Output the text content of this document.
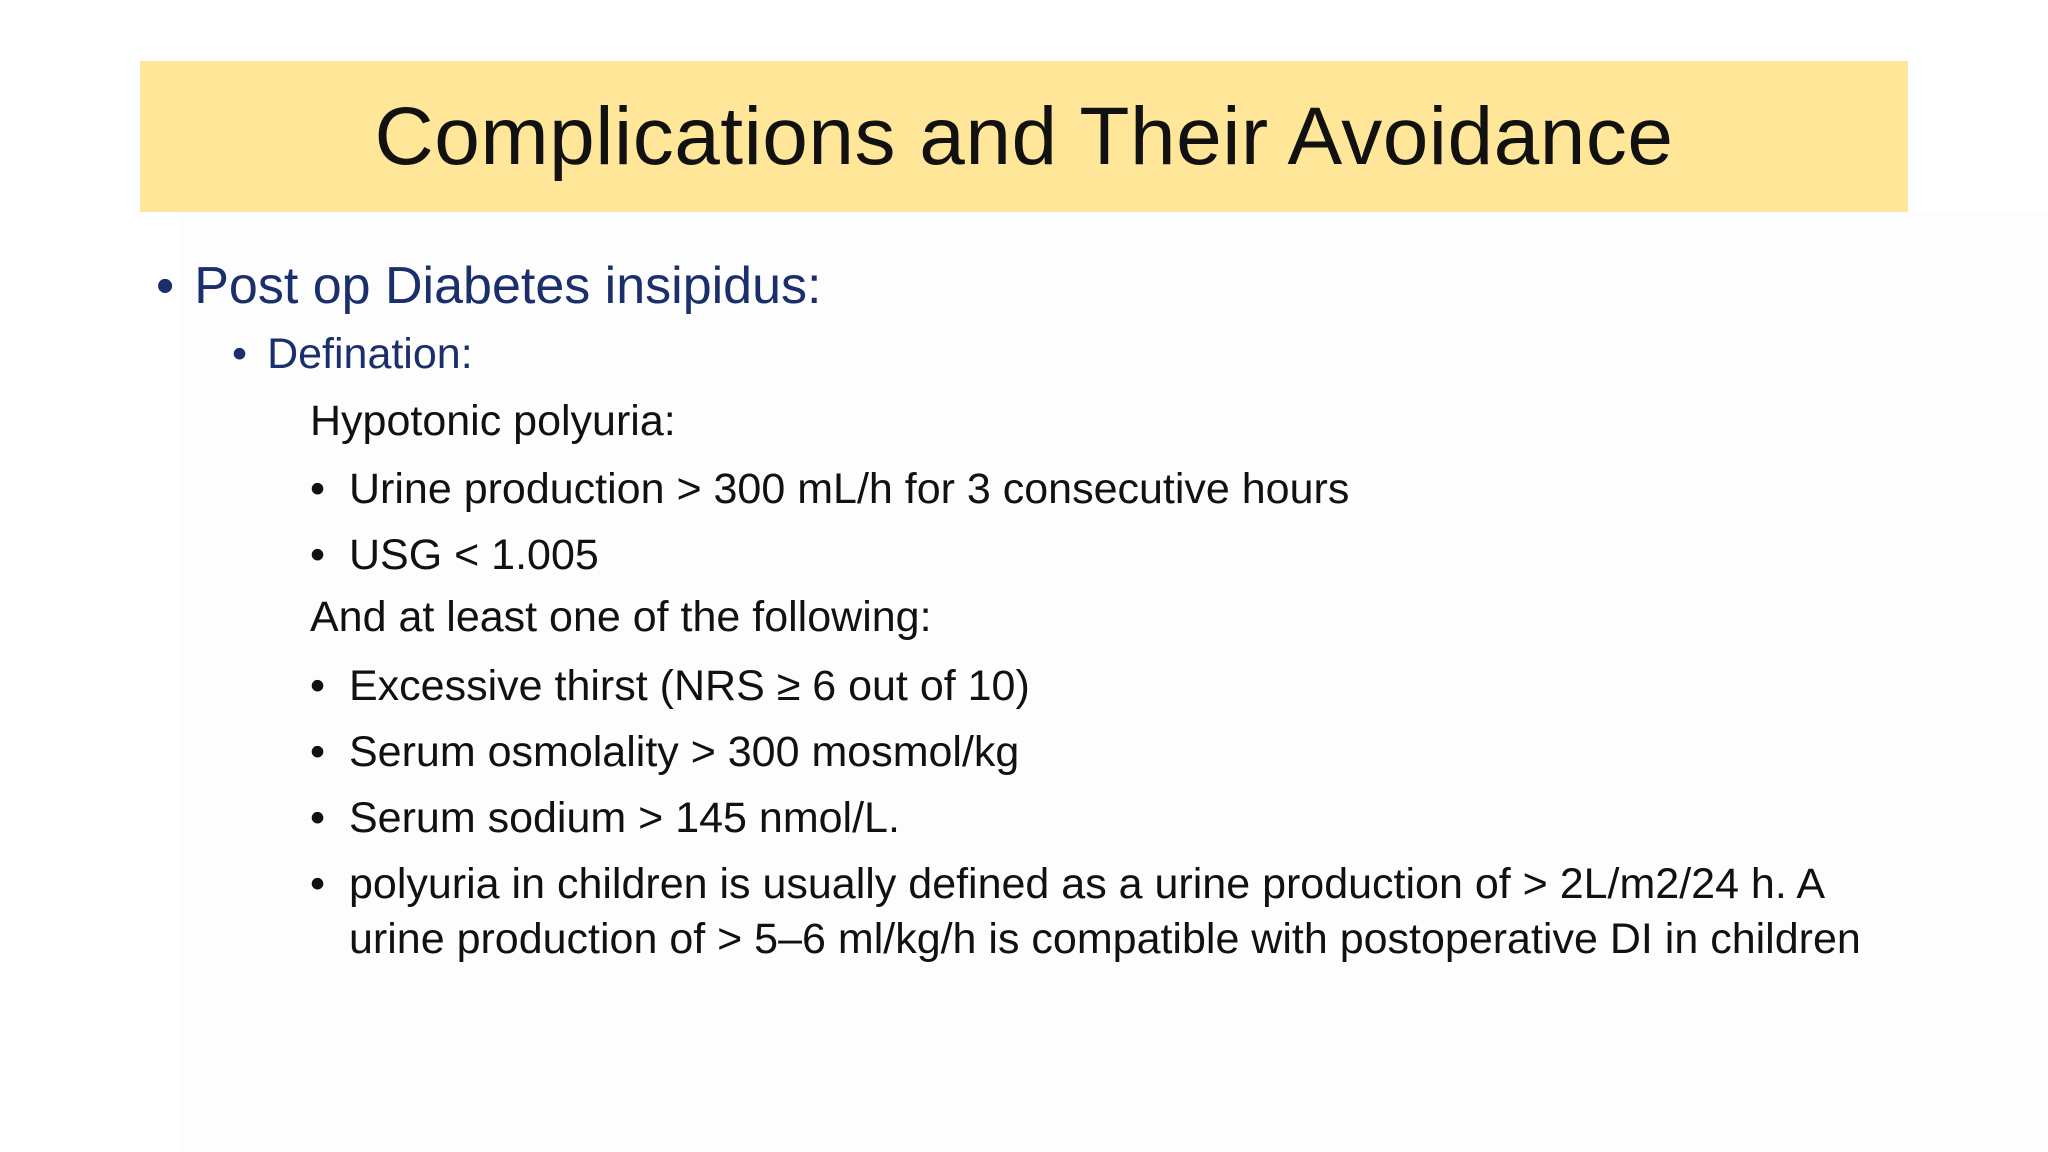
Complications and Their Avoidance
• Post op Diabetes insipidus:
• Defination:
Hypotonic polyuria:
• Urine production > 300 mL/h for 3 consecutive hours
• USG < 1.005
And at least one of the following:
• Excessive thirst (NRS ≥ 6 out of 10)
• Serum osmolality > 300 mosmol/kg
• Serum sodium > 145 nmol/L.
• polyuria in children is usually defined as a urine production of > 2L/m2/24 h. A urine production of > 5–6 ml/kg/h is compatible with postoperative DI in children
